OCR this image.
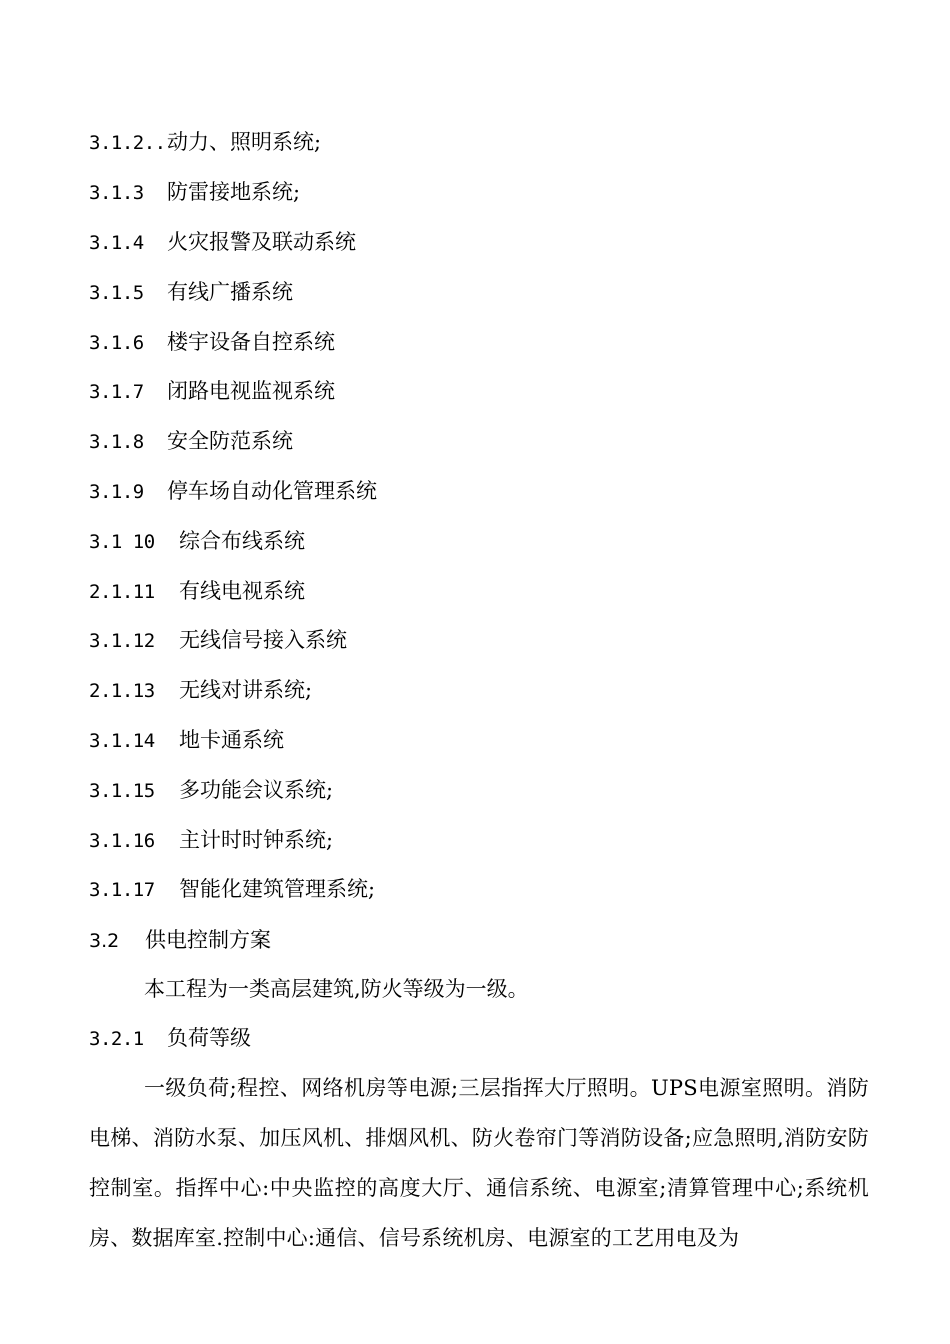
3.1.2..动力、照明系统;
3.1.3 防雷接地系统;
3.1.4 火灾报警及联动系统
3.1.5 有线广播系统
3.1.6 楼宇设备自控系统
3.1.7 闭路电视监视系统
3.1.8 安全防范系统
3.1.9 停车场自动化管理系统
3.1 10 综合布线系统
2.1.11 有线电视系统
3.1.12 无线信号接入系统
2.1.13 无线对讲系统;
3.1.14 地卡通系统
3.1.15 多功能会议系统;
3.1.16 主计时时钟系统;
3.1.17 智能化建筑管理系统;
3.2 供电控制方案
本工程为一类高层建筑,防火等级为一级。
3.2.1 负荷等级
一级负荷;程控、网络机房等电源;三层指挥大厅照明。UPS电源室照明。消防电梯、消防水泵、加压风机、排烟风机、防火卷帘门等消防设备;应急照明,消防安防控制室。指挥中心:中央监控的高度大厅、通信系统、电源室;清算管理中心;系统机房、数据库室.控制中心:通信、信号系统机房、电源室的工艺用电及为
